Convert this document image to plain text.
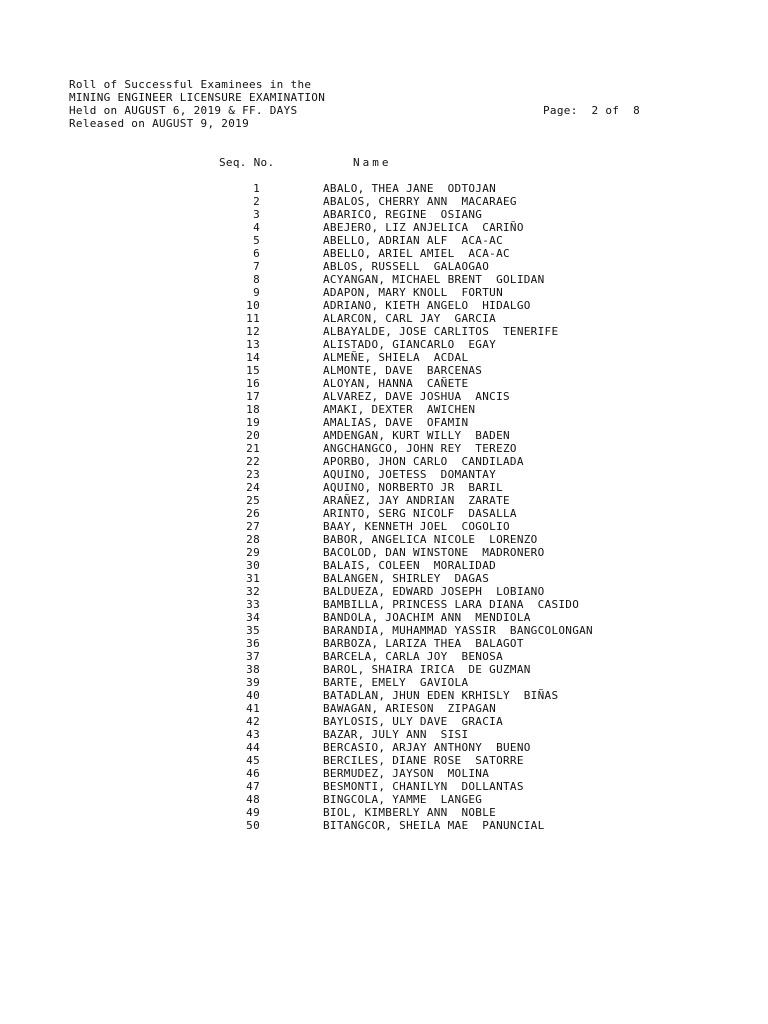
Roll of Successful Examinees in the
MINING ENGINEER LICENSURE EXAMINATION
Held on AUGUST 6, 2019 & FF. DAYS
Released on AUGUST 9, 2019
Page: 2 of 8
Seq. No.	Name
1	ABALO, THEA JANE  ODTOJAN
2	ABALOS, CHERRY ANN  MACARAEG
3	ABARICO, REGINE  OSIANG
4	ABEJERO, LIZ ANJELICA  CARIÑO
5	ABELLO, ADRIAN ALF  ACA-AC
6	ABELLO, ARIEL AMIEL  ACA-AC
7	ABLOS, RUSSELL  GALAOGAO
8	ACYANGAN, MICHAEL BRENT  GOLIDAN
9	ADAPON, MARY KNOLL  FORTUN
10	ADRIANO, KIETH ANGELO  HIDALGO
11	ALARCON, CARL JAY  GARCIA
12	ALBAYALDE, JOSE CARLITOS  TENERIFE
13	ALISTADO, GIANCARLO  EGAY
14	ALMEÑE, SHIELA  ACDAL
15	ALMONTE, DAVE  BARCENAS
16	ALOYAN, HANNA  CAÑETE
17	ALVAREZ, DAVE JOSHUA  ANCIS
18	AMAKI, DEXTER  AWICHEN
19	AMALIAS, DAVE  OFAMIN
20	AMDENGAN, KURT WILLY  BADEN
21	ANGCHANGCO, JOHN REY  TEREZO
22	APORBO, JHON CARLO  CANDILADA
23	AQUINO, JOETESS  DOMANTAY
24	AQUINO, NORBERTO JR  BARIL
25	ARAÑEZ, JAY ANDRIAN  ZARATE
26	ARINTO, SERG NICOLF  DASALLA
27	BAAY, KENNETH JOEL  COGOLIO
28	BABOR, ANGELICA NICOLE  LORENZO
29	BACOLOD, DAN WINSTONE  MADRONERO
30	BALAIS, COLEEN  MORALIDAD
31	BALANGEN, SHIRLEY  DAGAS
32	BALDUEZA, EDWARD JOSEPH  LOBIANO
33	BAMBILLA, PRINCESS LARA DIANA  CASIDO
34	BANDOLA, JOACHIM ANN  MENDIOLA
35	BARANDIA, MUHAMMAD YASSIR  BANGCOLONGAN
36	BARBOZA, LARIZA THEA  BALAGOT
37	BARCELA, CARLA JOY  BENOSA
38	BAROL, SHAIRA IRICA  DE GUZMAN
39	BARTE, EMELY  GAVIOLA
40	BATADLAN, JHUN EDEN KRHISLY  BIÑAS
41	BAWAGAN, ARIESON  ZIPAGAN
42	BAYLOSIS, ULY DAVE  GRACIA
43	BAZAR, JULY ANN  SISI
44	BERCASIO, ARJAY ANTHONY  BUENO
45	BERCILES, DIANE ROSE  SATORRE
46	BERMUDEZ, JAYSON  MOLINA
47	BESMONTI, CHANILYN  DOLLANTAS
48	BINGCOLA, YAMME  LANGEG
49	BIOL, KIMBERLY ANN  NOBLE
50	BITANGCOR, SHEILA MAE  PANUNCIAL
